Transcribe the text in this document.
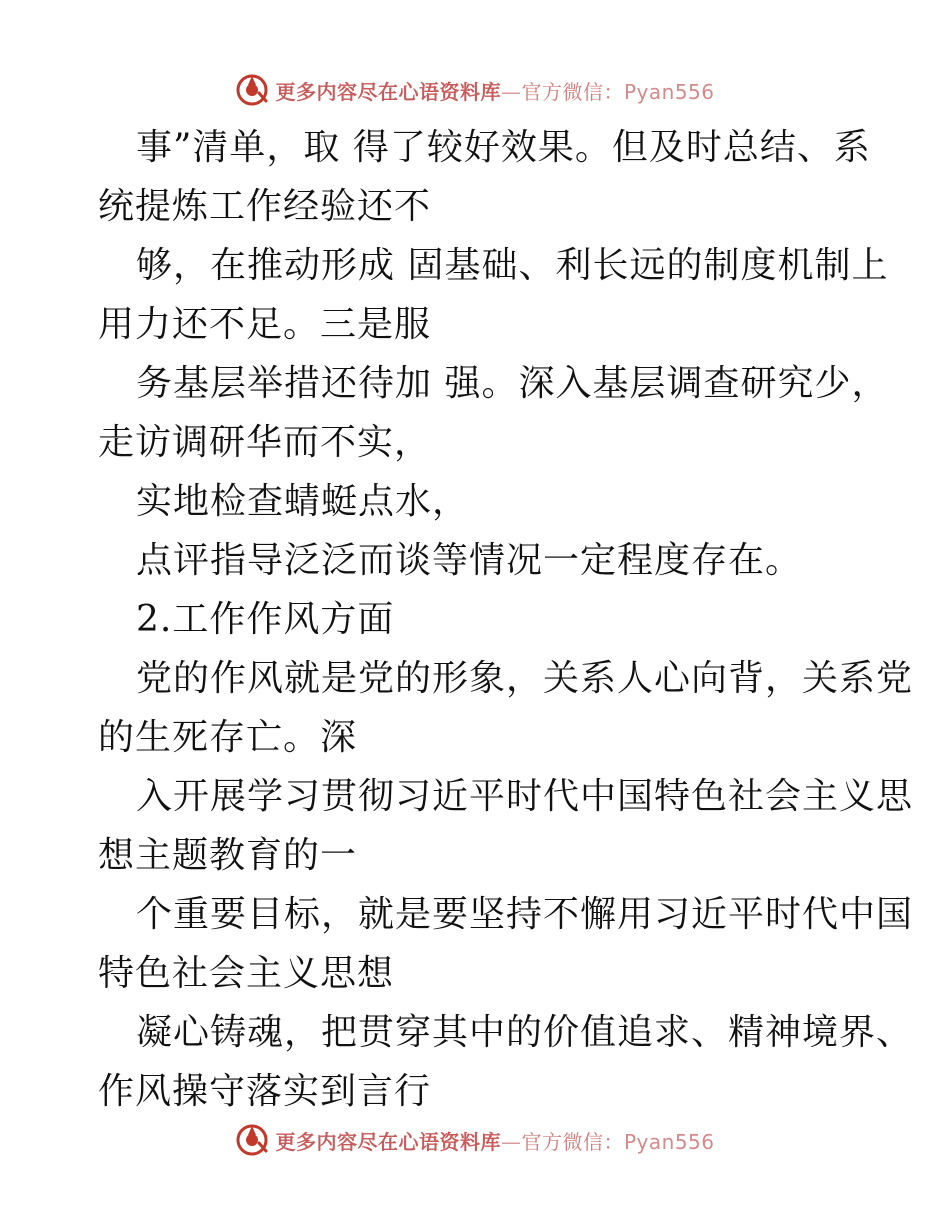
更多内容尽在心语资料库—官方微信：Pyan556
事”清单，取 得了较好效果。但及时总结、系
统提炼工作经验还不
够，在推动形成 固基础、利长远的制度机制上
用力还不足。三是服
务基层举措还待加 强。深入基层调查研究少，
走访调研华而不实，
实地检查蜻蜓点水，
点评指导泛泛而谈等情况一定程度存在。
2.工作作风方面
党的作风就是党的形象，关系人心向背，关系党
的生死存亡。深
入开展学习贯彻习近平时代中国特色社会主义思
想主题教育的一
个重要目标，就是要坚持不懈用习近平时代中国
特色社会主义思想
凝心铸魂，把贯穿其中的价值追求、精神境界、
作风操守落实到言行
更多内容尽在心语资料库—官方微信：Pyan556
